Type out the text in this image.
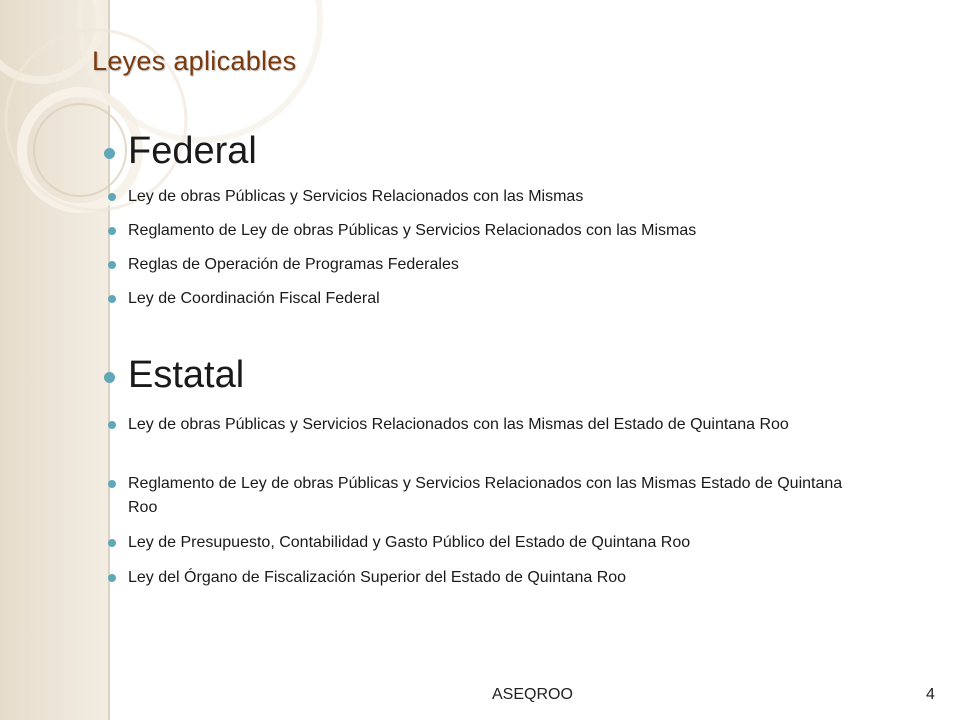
Leyes aplicables
Federal

Ley de obras Públicas y Servicios Relacionados con las Mismas

Reglamento de Ley de obras Públicas y Servicios Relacionados con las Mismas

Reglas de Operación de Programas Federales

Ley de Coordinación Fiscal Federal

Estatal

Ley de obras Públicas y Servicios Relacionados con las Mismas del Estado de Quintana Roo

Reglamento de Ley de obras Públicas y Servicios Relacionados con las Mismas Estado de Quintana Roo

Ley de Presupuesto, Contabilidad y Gasto Público del Estado de Quintana Roo

Ley del Órgano de Fiscalización Superior del Estado de Quintana Roo

ASEQROO	4
